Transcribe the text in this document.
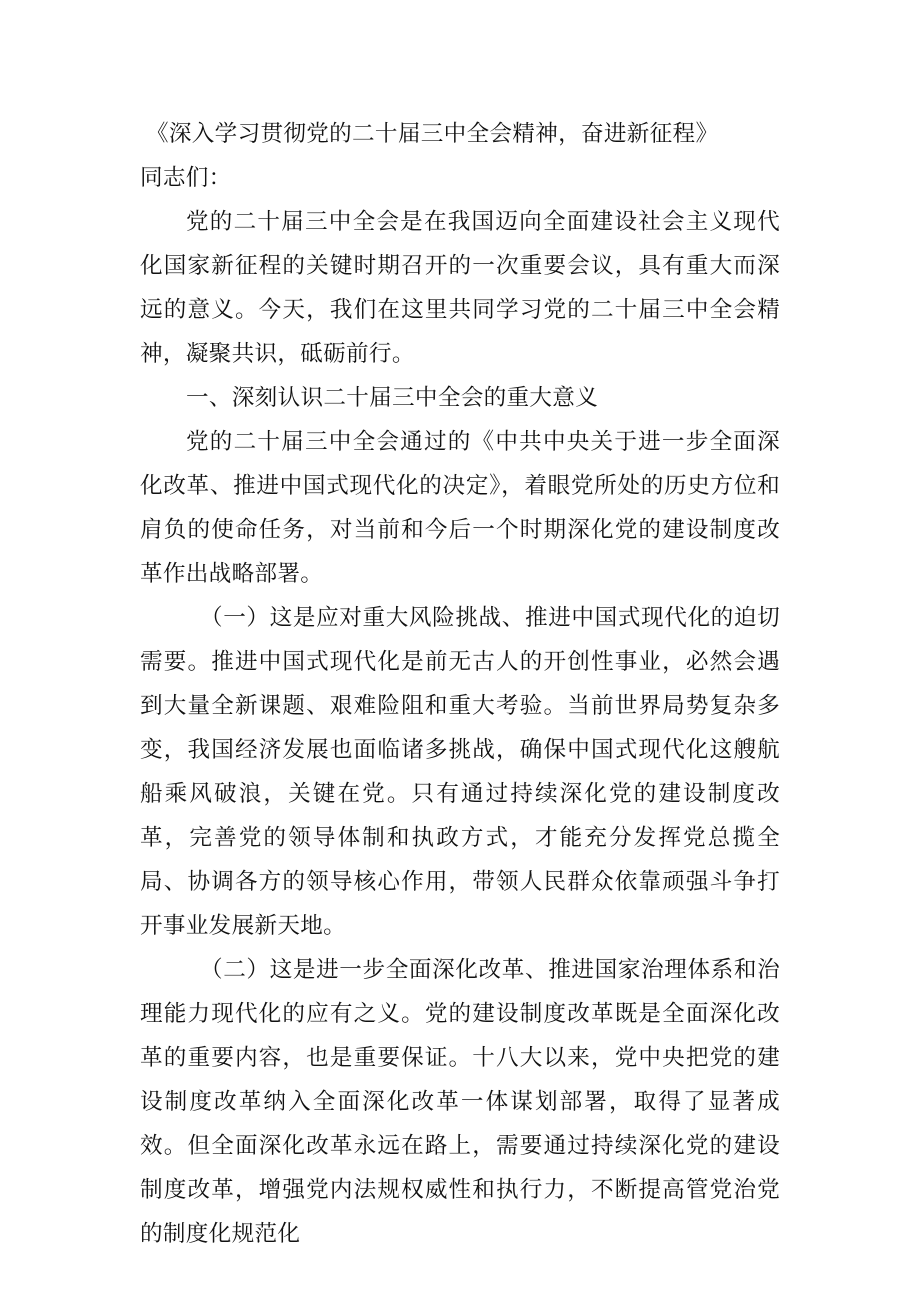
《深入学习贯彻党的二十届三中全会精神，奋进新征程》

同志们：

党的二十届三中全会是在我国迈向全面建设社会主义现代化国家新征程的关键时期召开的一次重要会议，具有重大而深远的意义。今天，我们在这里共同学习党的二十届三中全会精神，凝聚共识，砥砺前行。

一、深刻认识二十届三中全会的重大意义

党的二十届三中全会通过的《中共中央关于进一步全面深化改革、推进中国式现代化的决定》，着眼党所处的历史方位和肩负的使命任务，对当前和今后一个时期深化党的建设制度改革作出战略部署。

（一）这是应对重大风险挑战、推进中国式现代化的迫切需要。推进中国式现代化是前无古人的开创性事业，必然会遇到大量全新课题、艰难险阻和重大考验。当前世界局势复杂多变，我国经济发展也面临诸多挑战，确保中国式现代化这艘航船乘风破浪，关键在党。只有通过持续深化党的建设制度改革，完善党的领导体制和执政方式，才能充分发挥党总揽全局、协调各方的领导核心作用，带领人民群众依靠顽强斗争打开事业发展新天地。

（二）这是进一步全面深化改革、推进国家治理体系和治理能力现代化的应有之义。党的建设制度改革既是全面深化改革的重要内容，也是重要保证。十八大以来，党中央把党的建设制度改革纳入全面深化改革一体谋划部署，取得了显著成效。但全面深化改革永远在路上，需要通过持续深化党的建设制度改革，增强党内法规权威性和执行力，不断提高管党治党的制度化规范化
